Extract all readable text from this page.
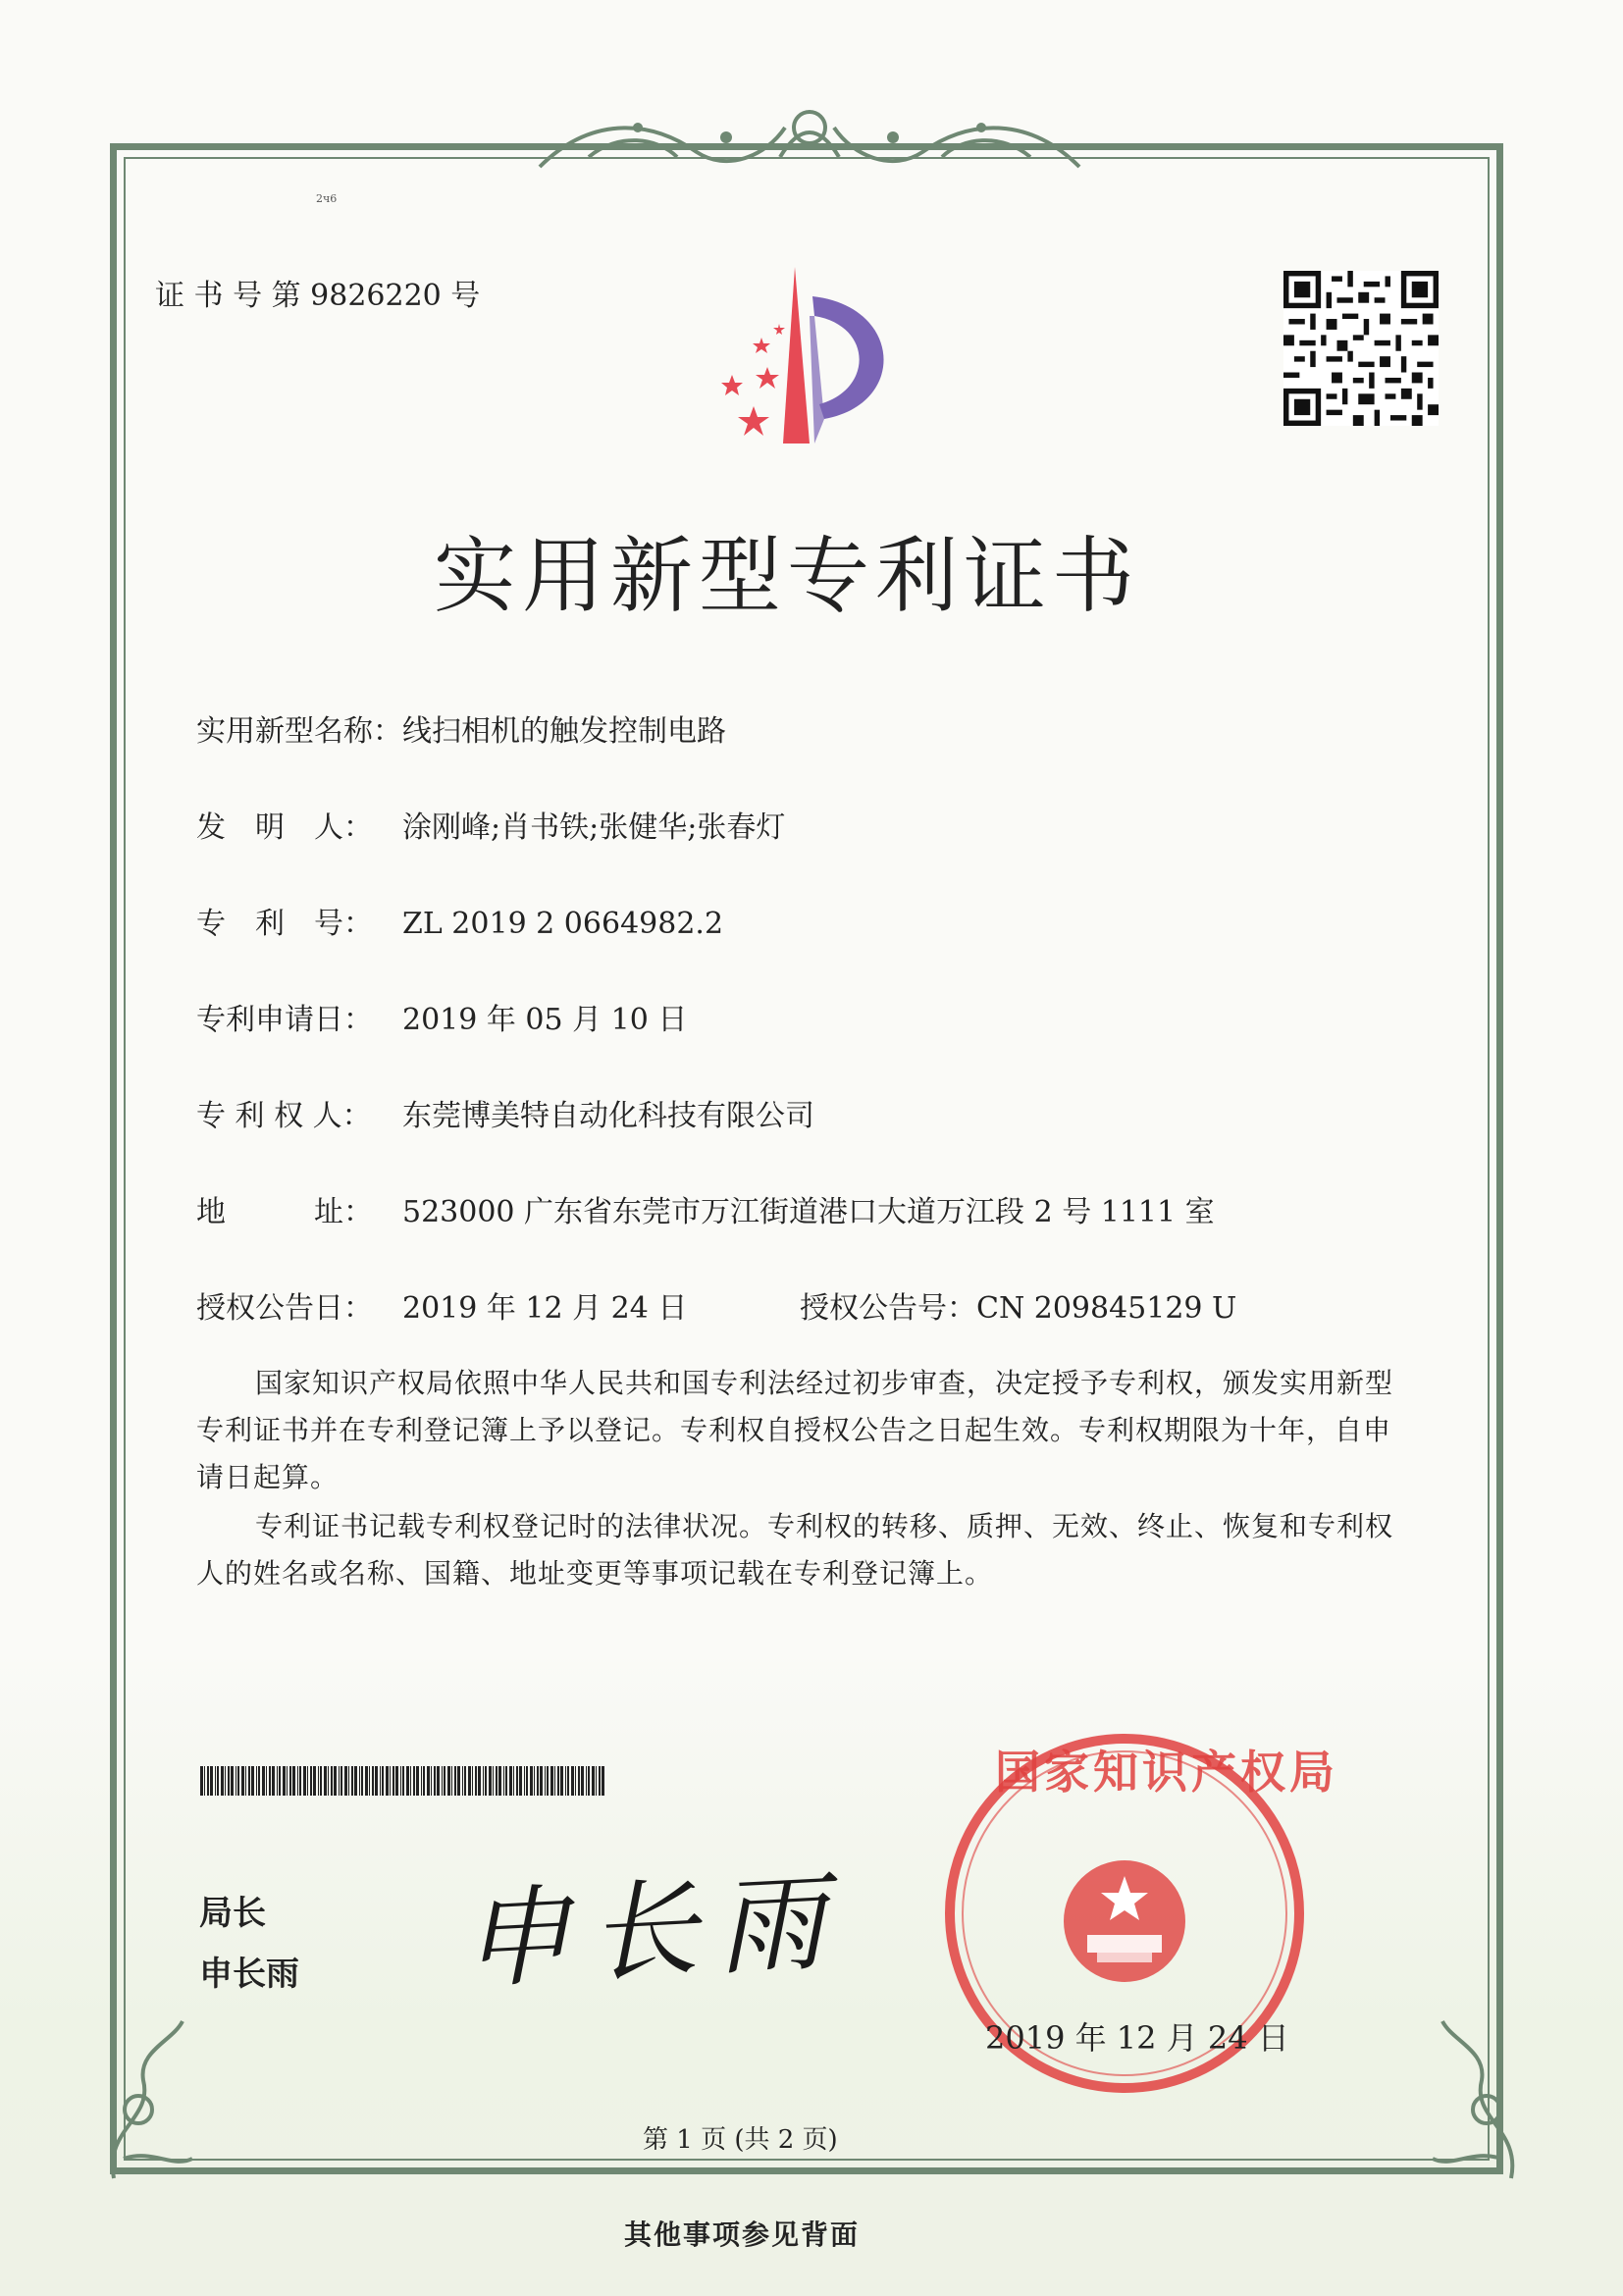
2ч6
证 书 号 第 9826220 号
实用新型专利证书
实用新型名称：线扫相机的触发控制电路
发　明　人： 涂刚峰;肖书铁;张健华;张春灯
专　利　号： ZL 2019 2 0664982.2
专利申请日： 2019 年 05 月 10 日
专 利 权 人： 东莞博美特自动化科技有限公司
地　　　址： 523000 广东省东莞市万江街道港口大道万江段 2 号 1111 室
授权公告日： 2019 年 12 月 24 日	授权公告号：CN 209845129 U

国家知识产权局依照中华人民共和国专利法经过初步审查，决定授予专利权，颁发实用新型专利证书并在专利登记簿上予以登记。专利权自授权公告之日起生效。专利权期限为十年，自申请日起算。

专利证书记载专利权登记时的法律状况。专利权的转移、质押、无效、终止、恢复和专利权人的姓名或名称、国籍、地址变更等事项记载在专利登记簿上。

局长
申长雨 申长雨
国家知识产权局
2019 年 12 月 24 日
第 1 页 (共 2 页)
其他事项参见背面
